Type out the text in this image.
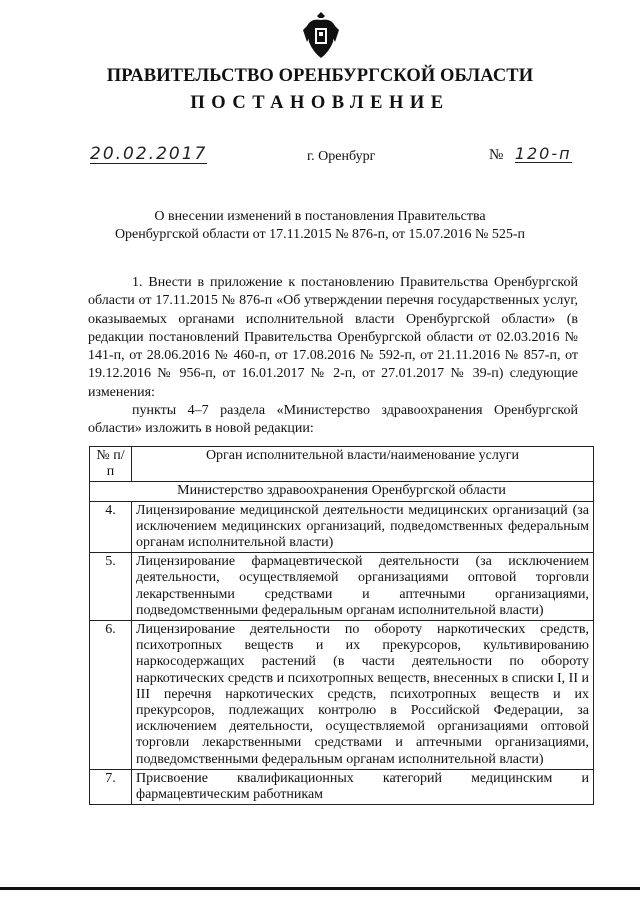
ПРАВИТЕЛЬСТВО ОРЕНБУРГСКОЙ ОБЛАСТИ
ПОСТАНОВЛЕНИЕ
20.02.2017	г. Оренбург	№ 120-п
О внесении изменений в постановления Правительства
Оренбургской области от 17.11.2015 № 876-п, от 15.07.2016 № 525-п

1. Внести в приложение к постановлению Правительства Оренбургской области от 17.11.2015 № 876-п «Об утверждении перечня государственных услуг, оказываемых органами исполнительной власти Оренбургской области» (в редакции постановлений Правительства Оренбургской области от 02.03.2016 № 141-п, от 28.06.2016 № 460-п, от 17.08.2016 № 592-п, от 21.11.2016 № 857-п, от 19.12.2016 № 956-п, от 16.01.2017 № 2-п, от 27.01.2017 № 39-п) следующие изменения:

пункты 4–7 раздела «Министерство здравоохранения Оренбургской области» изложить в новой редакции:

№ п/п	Орган исполнительной власти/наименование услуги
Министерство здравоохранения Оренбургской области	
4.	Лицензирование медицинской деятельности медицинских организаций (за исключением медицинских организаций, подведомственных федеральным органам исполнительной власти)
5.	Лицензирование фармацевтической деятельности (за исключением деятельности, осуществляемой организациями оптовой торговли лекарственными средствами и аптечными организациями, подведомственными федеральным органам исполнительной власти)
6.	Лицензирование деятельности по обороту наркотических средств, психотропных веществ и их прекурсоров, культивированию наркосодержащих растений (в части деятельности по обороту наркотических средств и психотропных веществ, внесенных в списки I, II и III перечня наркотических средств, психотропных веществ и их прекурсоров, подлежащих контролю в Российской Федерации, за исключением деятельности, осуществляемой организациями оптовой торговли лекарственными средствами и аптечными организациями, подведомственными федеральным органам исполнительной власти)
7.	Присвоение квалификационных категорий медицинским и фармацевтическим работникам
